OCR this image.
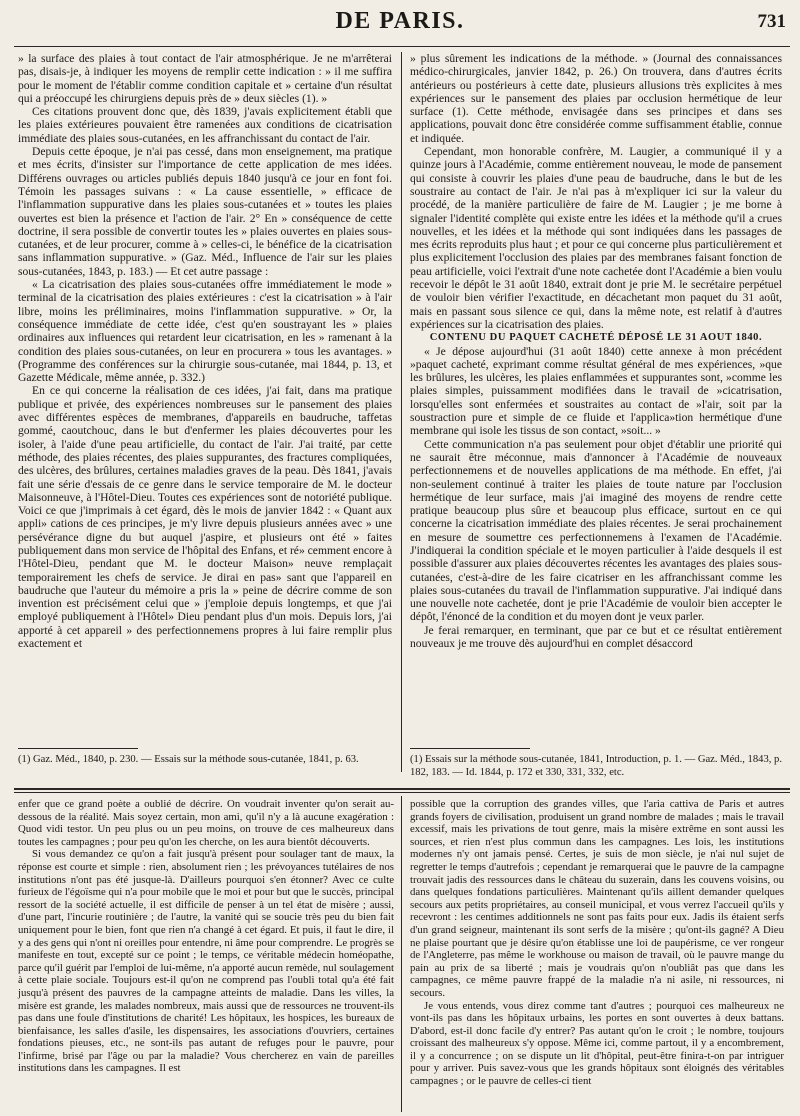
DE PARIS.	731

» la surface des plaies à tout contact de l'air atmosphérique. Je ne m'arrêterai pas, disais-je, à indiquer les moyens de remplir cette indication : » il me suffira pour le moment de l'établir comme condition capitale et » certaine d'un résultat qui a préoccupé les chirurgiens depuis près de » deux siècles (1). »

Ces citations prouvent donc que, dès 1839, j'avais explicitement établi que les plaies extérieures pouvaient être ramenées aux conditions de cicatrisation immédiate des plaies sous-cutanées, en les affranchissant du contact de l'air.

Depuis cette époque, je n'ai pas cessé, dans mon enseignement, ma pratique et mes écrits, d'insister sur l'importance de cette application de mes idées. Différens ouvrages ou articles publiés depuis 1840 jusqu'à ce jour en font foi. Témoin les passages suivans : « La cause essentielle, » efficace de l'inflammation suppurative dans les plaies sous-cutanées et » toutes les plaies ouvertes est bien la présence et l'action de l'air. 2° En » conséquence de cette doctrine, il sera possible de convertir toutes les » plaies ouvertes en plaies sous-cutanées, et de leur procurer, comme à » celles-ci, le bénéfice de la cicatrisation sans inflammation suppurative. » (Gaz. Méd., Influence de l'air sur les plaies sous-cutanées, 1843, p. 183.) — Et cet autre passage :

« La cicatrisation des plaies sous-cutanées offre immédiatement le mode » terminal de la cicatrisation des plaies extérieures : c'est la cicatrisation » à l'air libre, moins les préliminaires, moins l'inflammation suppurative. » Or, la conséquence immédiate de cette idée, c'est qu'en soustrayant les » plaies ordinaires aux influences qui retardent leur cicatrisation, en les » ramenant à la condition des plaies sous-cutanées, on leur en procurera » tous les avantages. » (Programme des conférences sur la chirurgie sous-cutanée, mai 1844, p. 13, et Gazette Médicale, même année, p. 332.)

En ce qui concerne la réalisation de ces idées, j'ai fait, dans ma pratique publique et privée, des expériences nombreuses sur le pansement des plaies avec différentes espèces de membranes, d'appareils en baudruche, taffetas gommé, caoutchouc, dans le but d'enfermer les plaies découvertes pour les isoler, à l'aide d'une peau artificielle, du contact de l'air. J'ai traité, par cette méthode, des plaies récentes, des plaies suppurantes, des fractures compliquées, des ulcères, des brûlures, certaines maladies graves de la peau. Dès 1841, j'avais fait une série d'essais de ce genre dans le service temporaire de M. le docteur Maisonneuve, à l'Hôtel-Dieu. Toutes ces expériences sont de notoriété publique. Voici ce que j'imprimais à cet égard, dès le mois de janvier 1842 : « Quant aux appli» cations de ces principes, je m'y livre depuis plusieurs années avec » une persévérance digne du but auquel j'aspire, et plusieurs ont été » faites publiquement dans mon service de l'hôpital des Enfans, et ré» cemment encore à l'Hôtel-Dieu, pendant que M. le docteur Maison» neuve remplaçait temporairement les chefs de service. Je dirai en pas» sant que l'appareil en baudruche que l'auteur du mémoire a pris la » peine de décrire comme de son invention est précisément celui que » j'emploie depuis longtemps, et que j'ai employé publiquement à l'Hôtel» Dieu pendant plus d'un mois. Depuis lors, j'ai apporté à cet appareil » des perfectionnemens propres à lui faire remplir plus exactement et

» plus sûrement les indications de la méthode. » (Journal des connaissances médico-chirurgicales, janvier 1842, p. 26.) On trouvera, dans d'autres écrits antérieurs ou postérieurs à cette date, plusieurs allusions très explicites à mes expériences sur le pansement des plaies par occlusion hermétique de leur surface (1). Cette méthode, envisagée dans ses principes et dans ses applications, pouvait donc être considérée comme suffisamment établie, connue et indiquée.

Cependant, mon honorable confrère, M. Laugier, a communiqué il y a quinze jours à l'Académie, comme entièrement nouveau, le mode de pansement qui consiste à couvrir les plaies d'une peau de baudruche, dans le but de les soustraire au contact de l'air. Je n'ai pas à m'expliquer ici sur la valeur du procédé, de la manière particulière de faire de M. Laugier ; je me borne à signaler l'identité complète qui existe entre les idées et la méthode qu'il a crues nouvelles, et les idées et la méthode qui sont indiquées dans les passages de mes écrits reproduits plus haut ; et pour ce qui concerne plus particulièrement et plus explicitement l'occlusion des plaies par des membranes faisant fonction de peau artificielle, voici l'extrait d'une note cachetée dont l'Académie a bien voulu recevoir le dépôt le 31 août 1840, extrait dont je prie M. le secrétaire perpétuel de vouloir bien vérifier l'exactitude, en décachetant mon paquet du 31 août, mais en passant sous silence ce qui, dans la même note, est relatif à d'autres expériences sur la cicatrisation des plaies.

CONTENU DU PAQUET CACHETÉ DÉPOSÉ LE 31 AOUT 1840.

« Je dépose aujourd'hui (31 août 1840) cette annexe à mon précédent »paquet cacheté, exprimant comme résultat général de mes expériences, »que les brûlures, les ulcères, les plaies enflammées et suppurantes sont, »comme les plaies simples, puissamment modifiées dans le travail de »cicatrisation, lorsqu'elles sont enfermées et soustraites au contact de »l'air, soit par la soustraction pure et simple de ce fluide et l'applica»tion hermétique d'une membrane qui isole les tissus de son contact, »soit... »

Cette communication n'a pas seulement pour objet d'établir une priorité qui ne saurait être méconnue, mais d'annoncer à l'Académie de nouveaux perfectionnemens et de nouvelles applications de ma méthode. En effet, j'ai non-seulement continué à traiter les plaies de toute nature par l'occlusion hermétique de leur surface, mais j'ai imaginé des moyens de rendre cette pratique beaucoup plus sûre et beaucoup plus efficace, surtout en ce qui concerne la cicatrisation immédiate des plaies récentes. Je serai prochainement en mesure de soumettre ces perfectionnemens à l'examen de l'Académie. J'indiquerai la condition spéciale et le moyen particulier à l'aide desquels il est possible d'assurer aux plaies découvertes récentes les avantages des plaies sous-cutanées, c'est-à-dire de les faire cicatriser en les affranchissant comme les plaies sous-cutanées du travail de l'inflammation suppurative. J'ai indiqué dans une nouvelle note cachetée, dont je prie l'Académie de vouloir bien accepter le dépôt, l'énoncé de la condition et du moyen dont je veux parler.

Je ferai remarquer, en terminant, que par ce but et ce résultat entièrement nouveaux je me trouve dès aujourd'hui en complet désaccord

(1) Gaz. Méd., 1840, p. 230. — Essais sur la méthode sous-cutanée, 1841, p. 63.	(1) Essais sur la méthode sous-cutanée, 1841, Introduction, p. 1. — Gaz. Méd., 1843, p. 182, 183. — Id. 1844, p. 172 et 330, 331, 332, etc.

enfer que ce grand poète a oublié de décrire. On voudrait inventer qu'on serait au-dessous de la réalité. Mais soyez certain, mon ami, qu'il n'y a là aucune exagération : Quod vidi testor. Un peu plus ou un peu moins, on trouve de ces malheureux dans toutes les campagnes ; pour peu qu'on les cherche, on les aura bientôt découverts.

Si vous demandez ce qu'on a fait jusqu'à présent pour soulager tant de maux, la réponse est courte et simple : rien, absolument rien ; les prévoyances tutélaires de nos institutions n'ont pas été jusque-là. D'ailleurs pourquoi s'en étonner? Avec ce culte furieux de l'égoïsme qui n'a pour mobile que le moi et pour but que le succès, principal ressort de la société actuelle, il est difficile de penser à un tel état de misère ; aussi, d'une part, l'incurie routinière ; de l'autre, la vanité qui se soucie très peu du bien fait uniquement pour le bien, font que rien n'a changé à cet égard. Et puis, il faut le dire, il y a des gens qui n'ont ni oreilles pour entendre, ni âme pour comprendre. Le progrès se manifeste en tout, excepté sur ce point ; le temps, ce véritable médecin homéopathe, parce qu'il guérit par l'emploi de lui-même, n'a apporté aucun remède, nul soulagement à cette plaie sociale. Toujours est-il qu'on ne comprend pas l'oubli total qu'a été fait jusqu'à présent des pauvres de la campagne atteints de maladie. Dans les villes, la misère est grande, les malades nombreux, mais aussi que de ressources ne trouvent-ils pas dans une foule d'institutions de charité! Les hôpitaux, les hospices, les bureaux de bienfaisance, les salles d'asile, les dispensaires, les associations d'ouvriers, certaines fondations pieuses, etc., ne sont-ils pas autant de refuges pour le pauvre, pour l'infirme, brisé par l'âge ou par la maladie? Vous chercherez en vain de pareilles institutions dans les campagnes. Il est

possible que la corruption des grandes villes, que l'aria cattiva de Paris et autres grands foyers de civilisation, produisent un grand nombre de malades ; mais le travail excessif, mais les privations de tout genre, mais la misère extrême en sont aussi les sources, et rien n'est plus commun dans les campagnes. Les lois, les institutions modernes n'y ont jamais pensé. Certes, je suis de mon siècle, je n'ai nul sujet de regretter le temps d'autrefois ; cependant je remarquerai que le pauvre de la campagne trouvait jadis des ressources dans le château du suzerain, dans les couvens voisins, ou dans quelques fondations particulières. Maintenant qu'ils aillent demander quelques secours aux petits propriétaires, au conseil municipal, et vous verrez l'accueil qu'ils y recevront : les centimes additionnels ne sont pas faits pour eux. Jadis ils étaient serfs d'un grand seigneur, maintenant ils sont serfs de la misère ; qu'ont-ils gagné? A Dieu ne plaise pourtant que je désire qu'on établisse une loi de paupérisme, ce ver rongeur de l'Angleterre, pas même le workhouse ou maison de travail, où le pauvre mange du pain au prix de sa liberté ; mais je voudrais qu'on n'oubliât pas que dans les campagnes, ce même pauvre frappé de la maladie n'a ni asile, ni ressources, ni secours.

Je vous entends, vous direz comme tant d'autres ; pourquoi ces malheureux ne vont-ils pas dans les hôpitaux urbains, les portes en sont ouvertes à deux battans. D'abord, est-il donc facile d'y entrer? Pas autant qu'on le croit ; le nombre, toujours croissant des malheureux s'y oppose. Même ici, comme partout, il y a encombrement, il y a concurrence ; on se dispute un lit d'hôpital, peut-être finira-t-on par intriguer pour y arriver. Puis savez-vous que les grands hôpitaux sont éloignés des véritables campagnes ; or le pauvre de celles-ci tient
